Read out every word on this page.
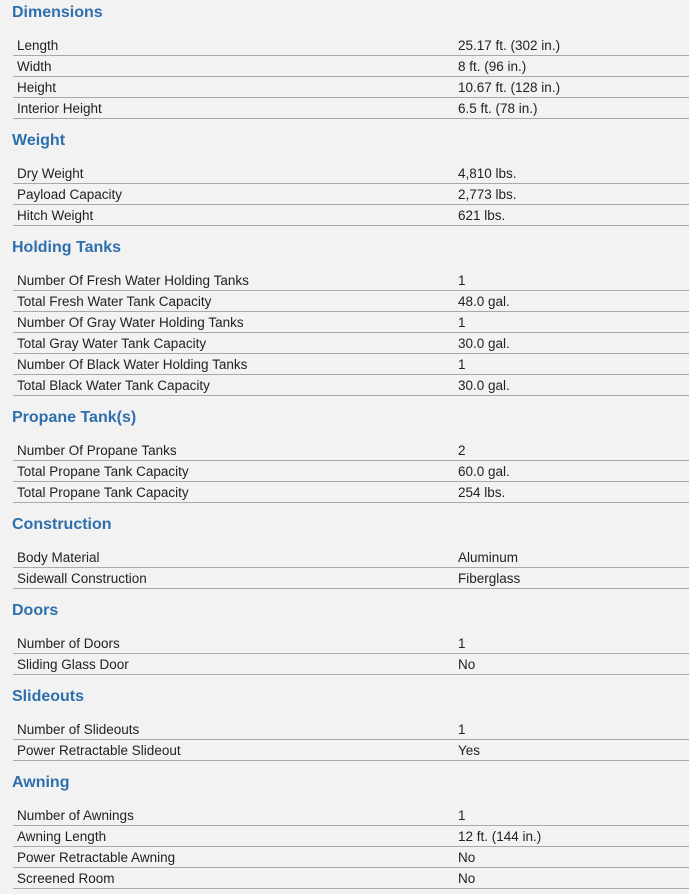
Dimensions
Length	25.17 ft. (302 in.)
Width	8 ft. (96 in.)
Height	10.67 ft. (128 in.)
Interior Height	6.5 ft. (78 in.)
Weight
Dry Weight	4,810 lbs.
Payload Capacity	2,773 lbs.
Hitch Weight	621 lbs.
Holding Tanks
Number Of Fresh Water Holding Tanks	1
Total Fresh Water Tank Capacity	48.0 gal.
Number Of Gray Water Holding Tanks	1
Total Gray Water Tank Capacity	30.0 gal.
Number Of Black Water Holding Tanks	1
Total Black Water Tank Capacity	30.0 gal.
Propane Tank(s)
Number Of Propane Tanks	2
Total Propane Tank Capacity	60.0 gal.
Total Propane Tank Capacity	254 lbs.
Construction
Body Material	Aluminum
Sidewall Construction	Fiberglass
Doors
Number of Doors	1
Sliding Glass Door	No
Slideouts
Number of Slideouts	1
Power Retractable Slideout	Yes
Awning
Number of Awnings	1
Awning Length	12 ft. (144 in.)
Power Retractable Awning	No
Screened Room	No
